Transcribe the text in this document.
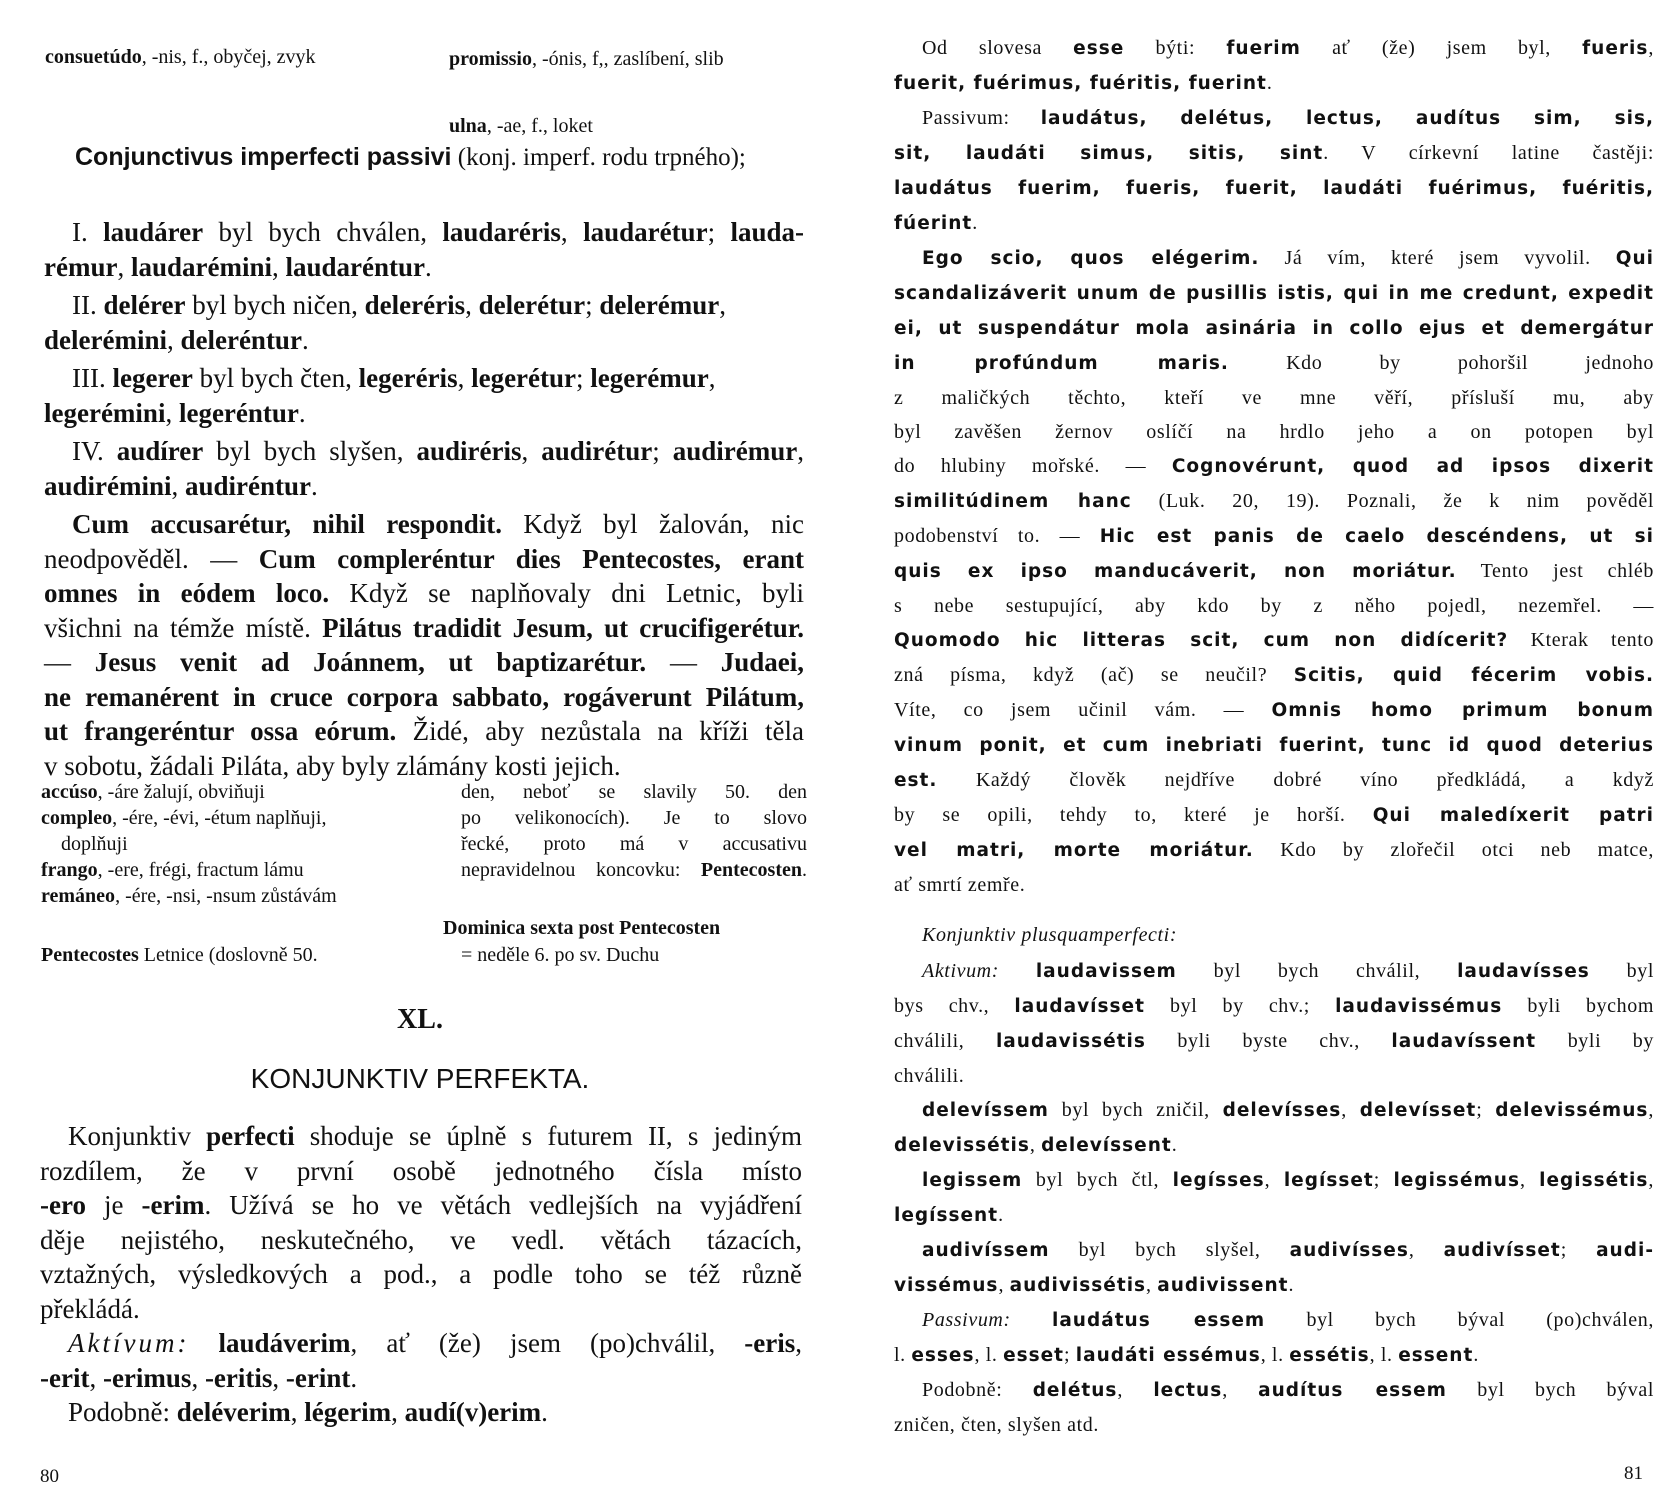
consuetúdo, -nis, f., obyčej, zvyk	promissio, -ónis, f,, zaslíbení, slib
ulna, -ae, f., loket
Conjunctivus imperfecti passivi (konj. imperf. rodu trpného);

I. laudárer byl bych chválen, laudaréris, laudarétur; lauda-

rémur, laudarémini, laudaréntur.

II. delérer byl bych ničen, deleréris, delerétur; delerémur,

delerémini, deleréntur.

III. legerer byl bych čten, legeréris, legerétur; legerémur,

legerémini, legeréntur.

IV. audírer byl bych slyšen, audiréris, audirétur; audirémur,

audirémini, audiréntur.

Cum accusarétur, nihil respondit. Když byl žalován, nic

neodpověděl. — Cum compleréntur dies Pentecostes, erant

omnes in eódem loco. Když se naplňovaly dni Letnic, byli

všichni na témže místě. Pilátus tradidit Jesum, ut crucifigerétur.

— Jesus venit ad Joánnem, ut baptizarétur. — Judaei,

ne remanérent in cruce corpora sabbato, rogáverunt Pilátum,

ut frangeréntur ossa eórum. Židé, aby nezůstala na kříži těla

v sobotu, žádali Piláta, aby byly zlámány kosti jejich.

accúso, -áre žalují, obviňuji
compleo, -ére, -évi, -étum naplňuji,
doplňuji
frango, -ere, frégi, fractum lámu
remáneo, -ére, -nsi, -nsum zůstávám
Pentecostes Letnice (doslovně 50.
den, neboť se slavily 50. den
po velikonocích). Je to slovo
řecké, proto má v accusativu
nepravidelnou koncovku: Pentecosten.
Dominica sexta post Pentecosten
= neděle 6. po sv. Duchu
XL.
KONJUNKTIV PERFEKTA.

Konjunktiv perfecti shoduje se úplně s futurem II, s jediným

rozdílem, že v první osobě jednotného čísla místo

-ero je -erim. Užívá se ho ve větách vedlejších na vyjádření

děje nejistého, neskutečného, ve vedl. větách tázacích,

vztažných, výsledkových a pod., a podle toho se též různě

překládá.

Aktívum: laudáverim, ať (že) jsem (po)chválil, -eris,

-erit, -erimus, -eritis, -erint.

Podobně: deléverim, légerim, audí(v)erim.

80

Od slovesa esse býti: fuerim ať (že) jsem byl, fueris,

fuerit, fuérimus, fuéritis, fuerint.

Passivum: laudátus, delétus, lectus, audítus sim, sis,

sit, laudáti simus, sitis, sint. V církevní latine častěji:

laudátus fuerim, fueris, fuerit, laudáti fuérimus, fuéritis,

fúerint.

Ego scio, quos elégerim. Já vím, které jsem vyvolil. Qui

scandalizáverit unum de pusillis istis, qui in me credunt, expedit

ei, ut suspendátur mola asinária in collo ejus et demergátur

in profúndum maris. Kdo by pohoršil jednoho

z maličkých těchto, kteří ve mne věří, přísluší mu, aby

byl zavěšen žernov oslíčí na hrdlo jeho a on potopen byl

do hlubiny mořské. — Cognovérunt, quod ad ipsos dixerit

similitúdinem hanc (Luk. 20, 19). Poznali, že k nim pověděl

podobenství to. — Hic est panis de caelo descéndens, ut si

quis ex ipso manducáverit, non moriátur. Tento jest chléb

s nebe sestupující, aby kdo by z něho pojedl, nezemřel. —

Quomodo hic litteras scit, cum non didícerit? Kterak tento

zná písma, když (ač) se neučil? Scitis, quid fécerim vobis.

Víte, co jsem učinil vám. — Omnis homo primum bonum

vinum ponit, et cum inebriati fuerint, tunc id quod deterius

est. Každý člověk nejdříve dobré víno předkládá, a když

by se opili, tehdy to, které je horší. Qui maledíxerit patri

vel matri, morte moriátur. Kdo by zlořečil otci neb matce,

ať smrtí zemře.

Konjunktiv plusquamperfecti:

Aktivum: laudavissem byl bych chválil, laudavísses byl

bys chv., laudavísset byl by chv.; laudavissémus byli bychom

chválili, laudavissétis byli byste chv., laudavíssent byli by

chválili.

delevíssem byl bych zničil, delevísses, delevísset; delevissémus,

delevissétis, delevíssent.

legissem byl bych čtl, legísses, legísset; legissémus, legissétis,

legíssent.

audivíssem byl bych slyšel, audivísses, audivísset; audi-

vissémus, audivissétis, audivissent.

Passivum: laudátus essem byl bych býval (po)chválen,

l. esses, l. esset; laudáti essémus, l. essétis, l. essent.

Podobně: delétus, lectus, audítus essem byl bych býval

zničen, čten, slyšen atd.

81
